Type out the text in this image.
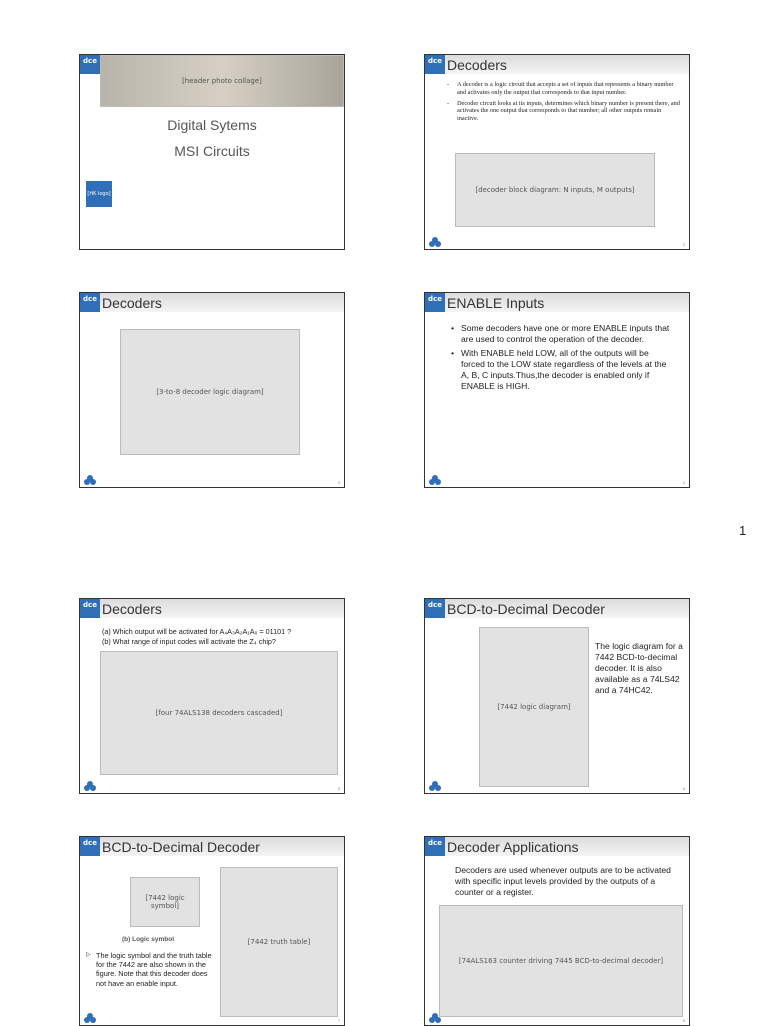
dce
[header photo collage]
Digital Sytems
MSI Circuits
[HK logo]
dce Decoders
- A decoder is a logic circuit that accepts a set of inputs that represents a binary number and activates only the output that corresponds to that input number.
- Decoder circuit looks at its inputs, determines which binary number is present there, and activates the one output that corresponds to that number; all other outputs remain inactive.
[decoder block diagram: N inputs, M outputs]
2
dce Decoders
[3-to-8 decoder logic diagram]
3
dce ENABLE Inputs
• Some decoders have one or more ENABLE inputs that are used to control the operation of the decoder.
• With ENABLE held LOW, all of the outputs will be forced to the LOW state regardless of the levels at the A, B, C inputs.Thus,the decoder is enabled only if ENABLE is HIGH.
4
1
dce Decoders
(a) Which output will be activated for A₄A₃A₂A₁A₀ = 01101 ?
(b) What range of input codes will activate the Z₄ chip?
[four 74ALS138 decoders cascaded]
5
dce BCD-to-Decimal Decoder
[7442 logic diagram]
The logic diagram for a 7442 BCD-to-decimal decoder. It is also available as a 74LS42 and a 74HC42.
6
dce BCD-to-Decimal Decoder
[7442 logic symbol]
(b) Logic symbol
▷ The logic symbol and the truth table for the 7442 are also shown in the figure. Note that this decoder does not have an enable input.
[7442 truth table]
7
dce Decoder Applications
Decoders are used whenever outputs are to be activated with specific input levels provided by the outputs of a counter or a register.
[74ALS163 counter driving 7445 BCD-to-decimal decoder]
8
